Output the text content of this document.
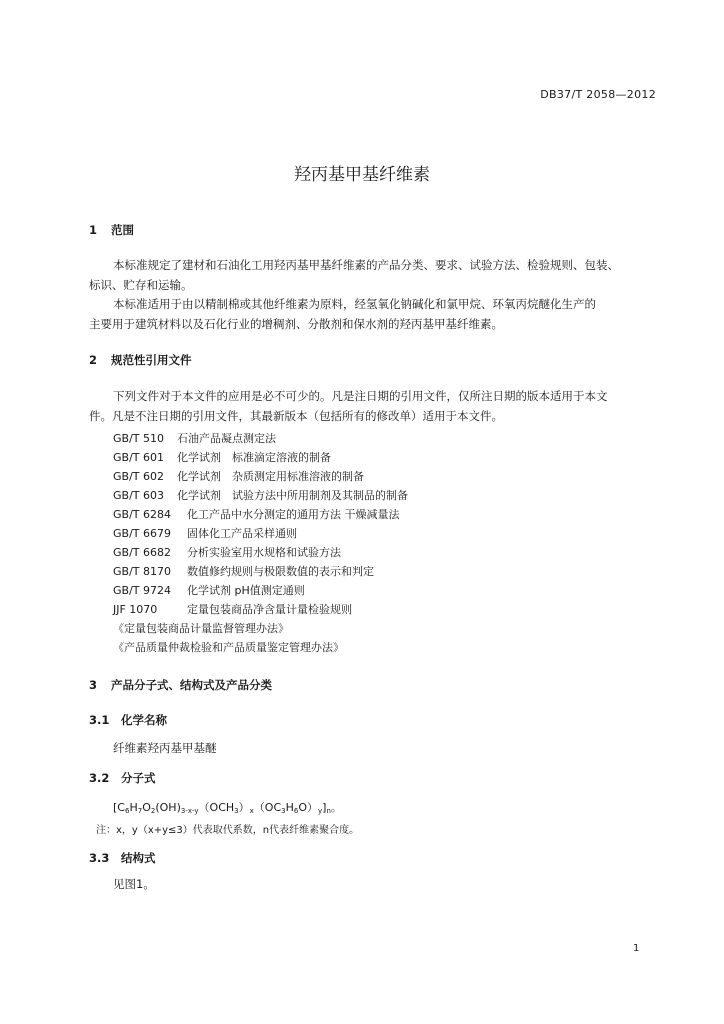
DB37/T 2058—2012
羟丙基甲基纤维素
1 范围
本标准规定了建材和石油化工用羟丙基甲基纤维素的产品分类、要求、试验方法、检验规则、包装、
标识、贮存和运输。
本标准适用于由以精制棉或其他纤维素为原料，经氢氧化钠碱化和氯甲烷、环氧丙烷醚化生产的
主要用于建筑材料以及石化行业的增稠剂、分散剂和保水剂的羟丙基甲基纤维素。
2 规范性引用文件
下列文件对于本文件的应用是必不可少的。凡是注日期的引用文件，仅所注日期的版本适用于本文
件。凡是不注日期的引用文件，其最新版本（包括所有的修改单）适用于本文件。
GB/T 510 石油产品凝点测定法
GB/T 601 化学试剂　标准滴定溶液的制备
GB/T 602 化学试剂　杂质测定用标准溶液的制备
GB/T 603 化学试剂　试验方法中所用制剂及其制品的制备
GB/T 6284 化工产品中水分测定的通用方法 干燥减量法
GB/T 6679 固体化工产品采样通则
GB/T 6682 分析实验室用水规格和试验方法
GB/T 8170 数值修约规则与极限数值的表示和判定
GB/T 9724 化学试剂 pH值测定通则
JJF 1070	定量包装商品净含量计量检验规则
《定量包装商品计量监督管理办法》
《产品质量仲裁检验和产品质量鉴定管理办法》
3 产品分子式、结构式及产品分类
3.1 化学名称
纤维素羟丙基甲基醚
3.2 分子式
$[C_6H_7O_2(OH)_{3-x-y}(OCH_3)_x(OC_3H_6O)_y]_n$。
注：x，y（x+y≤3）代表取代系数，n代表纤维素聚合度。
3.3 结构式
见图1。
1
